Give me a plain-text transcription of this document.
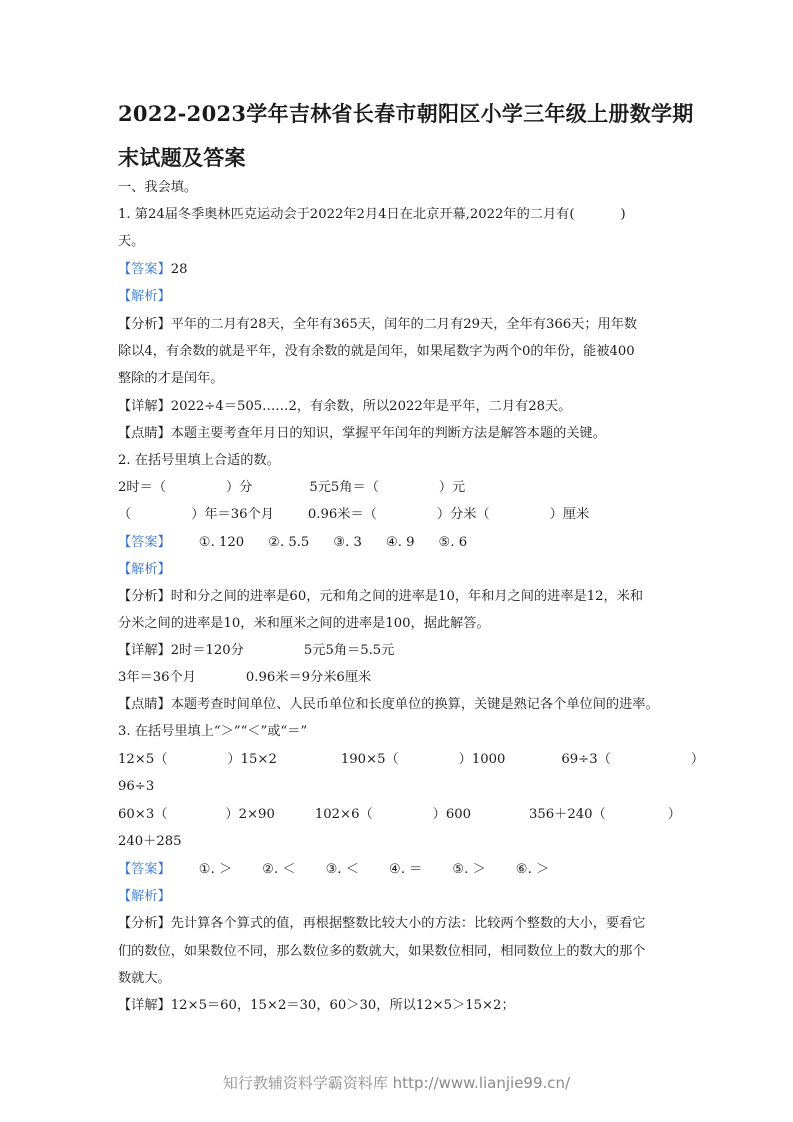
2022-2023学年吉林省长春市朝阳区小学三年级上册数学期
末试题及答案
一、我会填。
1. 第24届冬季奥林匹克运动会于2022年2月4日在北京开幕,2022年的二月有(	)
天。
【答案】28
【解析】
【分析】平年的二月有28天，全年有365天，闰年的二月有29天，全年有366天；用年数
除以4，有余数的就是平年，没有余数的就是闰年，如果尾数字为两个0的年份，能被400
整除的才是闰年。
【详解】2022÷4＝505……2，有余数，所以2022年是平年，二月有28天。
【点睛】本题主要考查年月日的知识，掌握平年闰年的判断方法是解答本题的关键。
2. 在括号里填上合适的数。
2时＝（	）分	5元5角＝（	）元
（	）年＝36个月	0.96米＝（	）分米（	）厘米
【答案】 ①. 120 ②. 5.5 ③. 3 ④. 9 ⑤. 6
【解析】
【分析】时和分之间的进率是60，元和角之间的进率是10，年和月之间的进率是12，米和
分米之间的进率是10，米和厘米之间的进率是100，据此解答。
【详解】2时＝120分	5元5角＝5.5元
3年＝36个月	0.96米＝9分米6厘米
【点睛】本题考查时间单位、人民币单位和长度单位的换算，关键是熟记各个单位间的进率。
3. 在括号里填上“＞”“＜”或“＝”
12×5（	）15×2	190×5（	）1000	69÷3（	）
96÷3
60×3（	）2×90	102×6（	）600	356＋240（	）
240＋285
【答案】 ①. ＞ ②. ＜ ③. ＜ ④. ＝ ⑤. ＞ ⑥. ＞
【解析】
【分析】先计算各个算式的值，再根据整数比较大小的方法：比较两个整数的大小，要看它
们的数位，如果数位不同，那么数位多的数就大，如果数位相同，相同数位上的数大的那个
数就大。
【详解】12×5＝60，15×2＝30，60＞30，所以12×5＞15×2；
知行教辅资料学霸资料库 http://www.lianjie99.cn/
